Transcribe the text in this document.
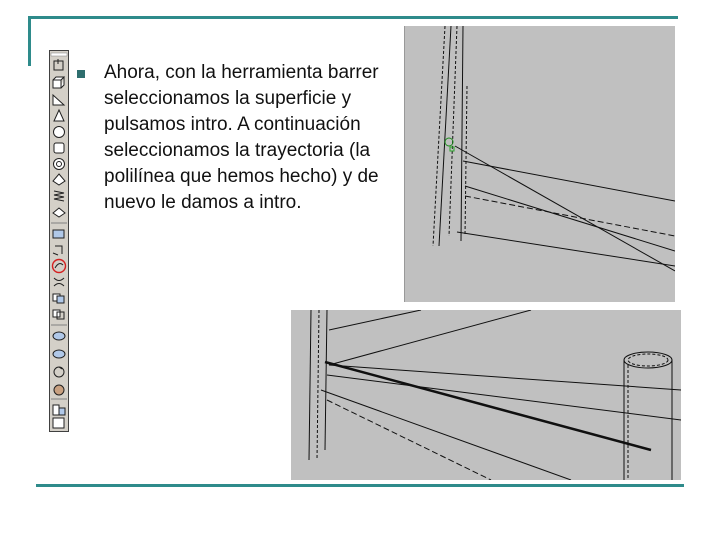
Ahora, con la herramienta barrer seleccionamos la superficie y pulsamos intro. A continuación seleccionamos la trayectoria (la polilínea que hemos hecho) y de nuevo le damos a intro.
